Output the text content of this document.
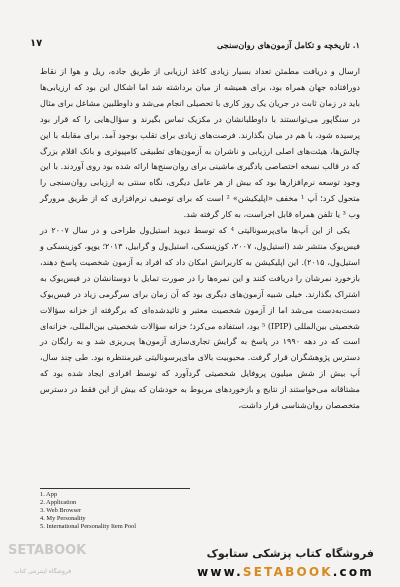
۱۷	۱. تاریخچه و تکامل آزمون‌های روان‌سنجی

ارسال و دریافت مطمئن تعداد بسیار زیادی کاغذ ارزیابی از طریق جاده، ریل و هوا از نقاط دورافتاده جهان همراه بود، برای همیشه از میان برداشته شد اما اشکال این بود که ارزیابی‌ها باید در زمان ثابت در جریان یک روز کاری با تحصیلی انجام می‌شد و داوطلبین مشاغل برای مثال در سنگاپور می‌توانستند با داوطلبانشان در مکزیک تماس بگیرند و سؤال‌هایی را که قرار بود پرسیده شود، با هم در میان بگذارند. فرصت‌های زیادی برای تقلب بوجود آمد. برای مقابله با این چالش‌ها، هیئت‌های اصلی ارزیابی و ناشران به آزمون‌های تطبیقی کامپیوتری و بانک اقلام بزرگ که در قالب نسخه اختصاصی یادگیری ماشینی برای روان‌سنج‌ها ارائه شده بود روی آوردند. با این وجود توسعه نرم‌افزارها بود که بیش از هر عامل دیگری، نگاه سنتی به ارزیابی روان‌سنجی را متحول کرد؛ اَپ ¹ مخفف «اپلیکیشن» ² است که برای توصیف نرم‌افزاری که از طریق مرورگر وب ³ یا تلفن همراه قابل اجراست، به کار گرفته شد.

یکی از این اَپ‌ها مای‌پرسونالیتی ⁴ که توسط دیوید استیل‌ول طراحی و در سال ۲۰۰۷ در فیس‌بوک منتشر شد (استیل‌ول، ۲۰۰۷، کوزینسکی، استیل‌ول و گرابیل، ۲۰۱۳؛ یوپو، کوزینسکی و استیل‌ول، ۲۰۱۵). این اپلیکیشن به کاربرانش امکان داد که افراد به آزمون شخصیت پاسخ دهند، بازخورد نمرشان را دریافت کنند و این نمره‌ها را در صورت تمایل با دوستانشان در فیس‌بوک به اشتراک بگذارند. خیلی شبیه آزمون‌های دیگری بود که آن زمان برای سرگرمی زیاد در فیس‌بوک دست‌به‌دست می‌شد اما از آزمون شخصیت معتبر و تائیدشده‌ای که برگرفته از خزانه سؤالات شخصیتی بین‌المللی (IPIP) ⁵ بود، استفاده می‌کرد؛ خزانه سؤالات شخصیتی بین‌المللی، خزانه‌ای است که در دهه ۱۹۹۰ در پاسخ به گرایش تجاری‌سازی آزمون‌ها پی‌ریزی شد و به رایگان در دسترس پژوهشگران قرار گرفت. محبوبیت بالای مای‌پرسونالیتی غیرمنتظره بود. طی چند سال، اَپ بیش از شش میلیون پروفایل شخصیتی گردآورد که توسط افرادی ایجاد شده بود که مشتاقانه می‌خواستند از نتایج و بازخوردهای مربوط به خودشان که بیش از این فقط در دسترس متخصصان روان‌شناسی قرار داشت،

1. App
2. Application
3. Web Browser
4. My Personality
5. International Personality Item Pool
SETABOOK
فروشگاه اینترنتی کتاب
فروشگاه کتاب پزشکی ستابوک
www.SETABOOK.com
